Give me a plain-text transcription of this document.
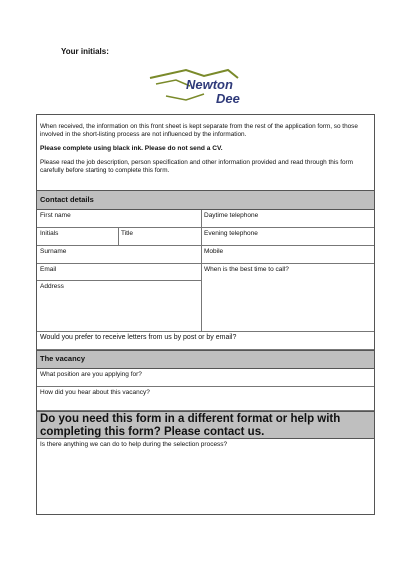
Your initials:
Newton
Dee

When received, the information on this front sheet is kept separate from the rest of the application form, so those involved in the short-listing process are not influenced by the information.

Please complete using black ink. Please do not send a CV.

Please read the job description, person specification and other information provided and read through this form carefully before starting to complete this form.

Contact details
First name	Daytime telephone
Initials	Title	Evening telephone
Surname	Mobile
Email	When is the best time to call?
Address
Would you prefer to receive letters from us by post or by email?
The vacancy
What position are you applying for?
How did you hear about this vacancy?
Do you need this form in a different format or help with completing this form? Please contact us.
Is there anything we can do to help during the selection process?
